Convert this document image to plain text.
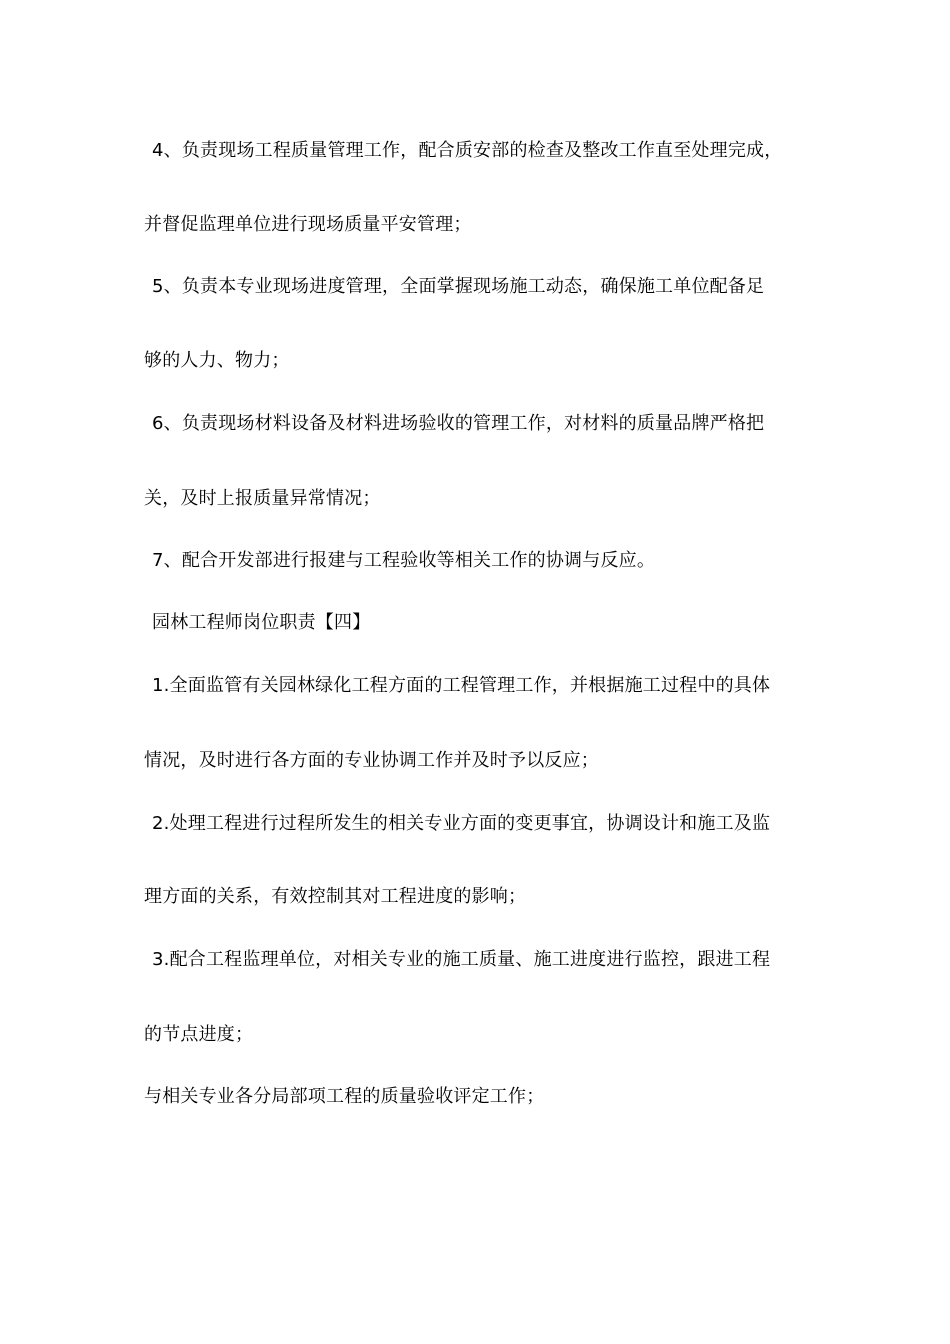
4、负责现场工程质量管理工作，配合质安部的检查及整改工作直至处理完成，
并督促监理单位进行现场质量平安管理；
5、负责本专业现场进度管理，全面掌握现场施工动态，确保施工单位配备足
够的人力、物力；
6、负责现场材料设备及材料进场验收的管理工作，对材料的质量品牌严格把
关，及时上报质量异常情况；
7、配合开发部进行报建与工程验收等相关工作的协调与反应。
园林工程师岗位职责【四】
1.全面监管有关园林绿化工程方面的工程管理工作，并根据施工过程中的具体
情况，及时进行各方面的专业协调工作并及时予以反应；
2.处理工程进行过程所发生的相关专业方面的变更事宜，协调设计和施工及监
理方面的关系，有效控制其对工程进度的影响；
3.配合工程监理单位，对相关专业的施工质量、施工进度进行监控，跟进工程
的节点进度；
与相关专业各分局部项工程的质量验收评定工作；
